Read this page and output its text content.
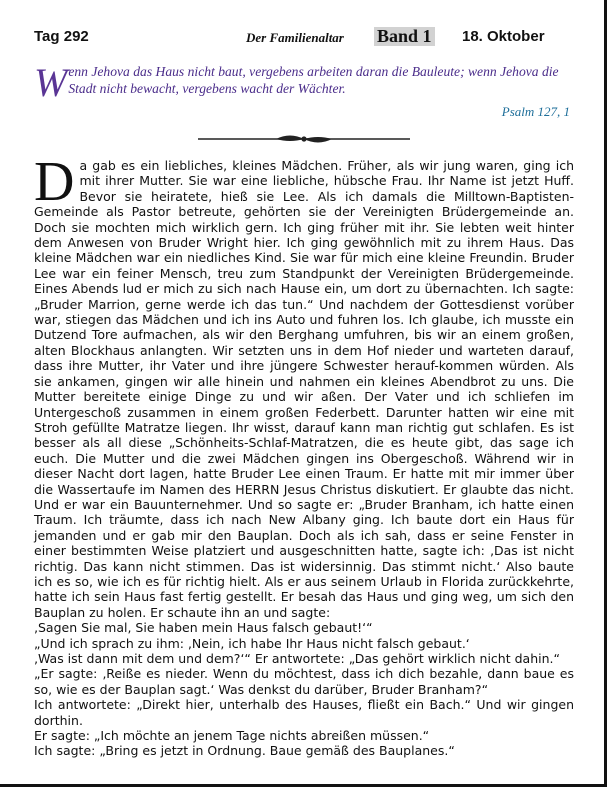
Tag 292	Der Familienaltar Band 1 18. Oktober
W enn Jehova das Haus nicht baut, vergebens arbeiten daran die Bauleute; wenn Jehova die Stadt nicht bewacht, vergebens wacht der Wächter.
Psalm 127, 1

Da gab es ein liebliches, kleines Mädchen. Früher, als wir jung waren, ging ich mit ihrer Mutter. Sie war eine liebliche, hübsche Frau. Ihr Name ist jetzt Huff. Bevor sie heiratete, hieß sie Lee. Als ich damals die Milltown-Baptisten-Gemeinde als Pastor betreute, gehörten sie der Vereinigten Brüdergemeinde an. Doch sie mochten mich wirklich gern. Ich ging früher mit ihr. Sie lebten weit hinter dem Anwesen von Bruder Wright hier. Ich ging gewöhnlich mit zu ihrem Haus. Das kleine Mädchen war ein niedliches Kind. Sie war für mich eine kleine Freundin. Bruder Lee war ein feiner Mensch, treu zum Standpunkt der Vereinigten Brüdergemeinde. Eines Abends lud er mich zu sich nach Hause ein, um dort zu übernachten. Ich sagte: „Bruder Marrion, gerne werde ich das tun.“ Und nachdem der Gottesdienst vorüber war, stiegen das Mädchen und ich ins Auto und fuhren los. Ich glaube, ich musste ein Dutzend Tore aufmachen, als wir den Berghang umfuhren, bis wir an einem großen, alten Blockhaus anlangten. Wir setzten uns in dem Hof nieder und warteten darauf, dass ihre Mutter, ihr Vater und ihre jüngere Schwester herauf-kommen würden. Als sie ankamen, gingen wir alle hinein und nahmen ein kleines Abendbrot zu uns. Die Mutter bereitete einige Dinge zu und wir aßen. Der Vater und ich schliefen im Untergeschoß zusammen in einem großen Federbett. Darunter hatten wir eine mit Stroh gefüllte Matratze liegen. Ihr wisst, darauf kann man richtig gut schlafen. Es ist besser als all diese „Schönheits-Schlaf-Matratzen, die es heute gibt, das sage ich euch. Die Mutter und die zwei Mädchen gingen ins Obergeschoß. Während wir in dieser Nacht dort lagen, hatte Bruder Lee einen Traum. Er hatte mit mir immer über die Wassertaufe im Namen des HERRN Jesus Christus diskutiert. Er glaubte das nicht. Und er war ein Bauunternehmer. Und so sagte er: „Bruder Branham, ich hatte einen Traum. Ich träumte, dass ich nach New Albany ging. Ich baute dort ein Haus für jemanden und er gab mir den Bauplan. Doch als ich sah, dass er seine Fenster in einer bestimmten Weise platziert und ausgeschnitten hatte, sagte ich: ‚Das ist nicht richtig. Das kann nicht stimmen. Das ist widersinnig. Das stimmt nicht.‘ Also baute ich es so, wie ich es für richtig hielt. Als er aus seinem Urlaub in Florida zurückkehrte, hatte ich sein Haus fast fertig gestellt. Er besah das Haus und ging weg, um sich den Bauplan zu holen. Er schaute ihn an und sagte:

‚Sagen Sie mal, Sie haben mein Haus falsch gebaut!‘“

„Und ich sprach zu ihm: ‚Nein, ich habe Ihr Haus nicht falsch gebaut.‘

‚Was ist dann mit dem und dem?‘“ Er antwortete: „Das gehört wirklich nicht dahin.“

„Er sagte: ‚Reiße es nieder. Wenn du möchtest, dass ich dich bezahle, dann baue es so, wie es der Bauplan sagt.‘ Was denkst du darüber, Bruder Branham?“

Ich antwortete: „Direkt hier, unterhalb des Hauses, fließt ein Bach.“ Und wir gingen dorthin.

Er sagte: „Ich möchte an jenem Tage nichts abreißen müssen.“

Ich sagte: „Bring es jetzt in Ordnung. Baue gemäß des Bauplanes.“
